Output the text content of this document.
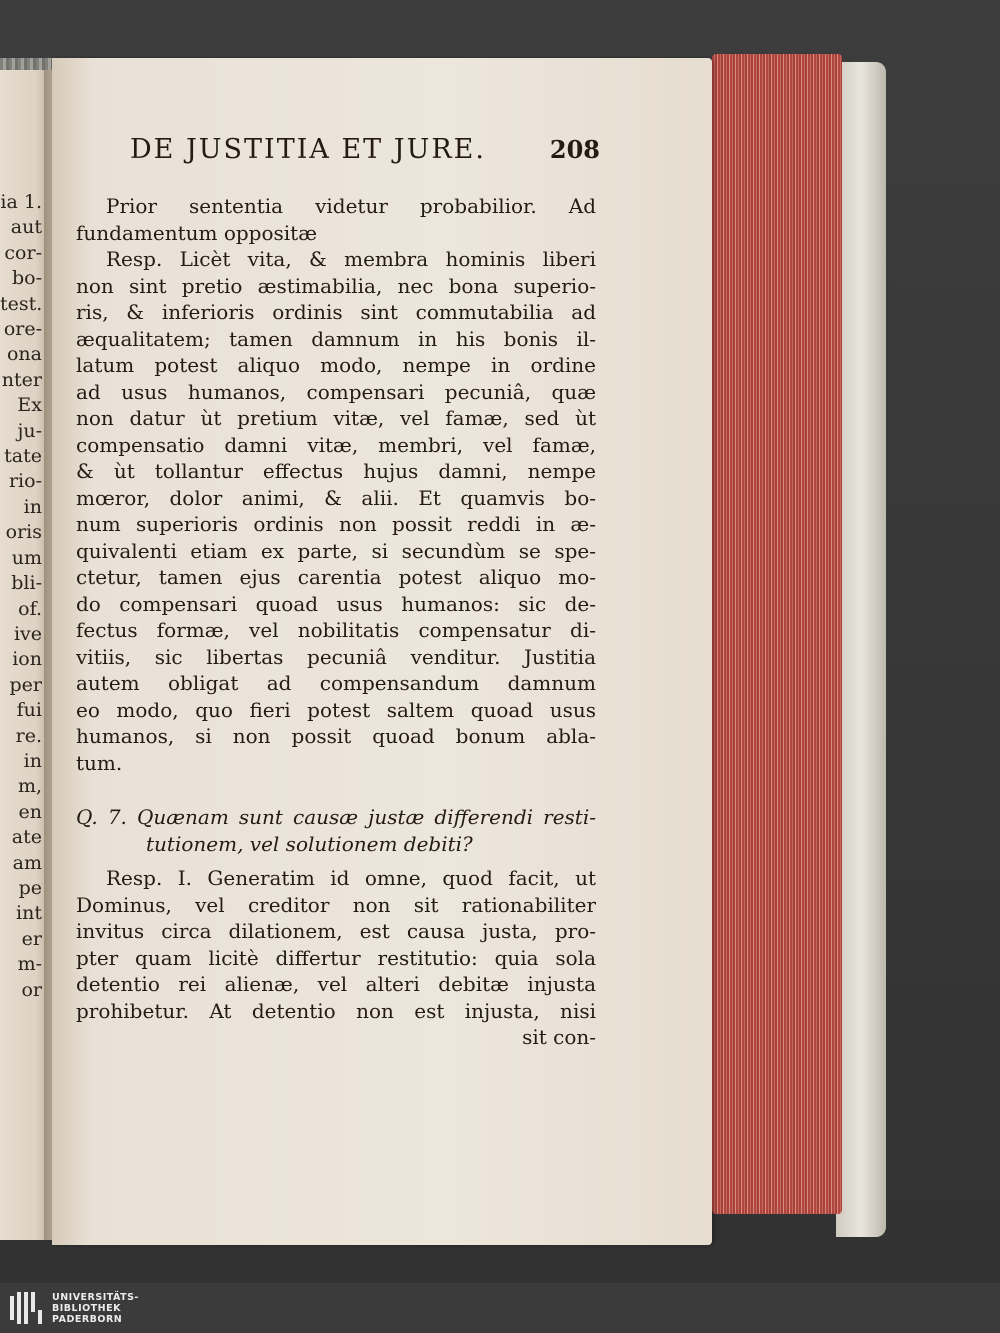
ia 1.
aut
cor-
bo-
test.
ore-
ona
nter
Ex
ju-
tate
rio-
in
oris
um
bli-
of.
ive
ion
per
fui
re.
in
m,
en
ate
am
pe
int
er
m-
or
DE JUSTITIA ET JURE.	208
Prior sententia videtur probabilior. Ad
fundamentum oppositæ
Resp. Licèt vita, & membra hominis liberi
non sint pretio æstimabilia, nec bona superio-
ris, & inferioris ordinis sint commutabilia ad
æqualitatem; tamen damnum in his bonis il-
latum potest aliquo modo, nempe in ordine
ad usus humanos, compensari pecuniâ, quæ
non datur ùt pretium vitæ, vel famæ, sed ùt
compensatio damni vitæ, membri, vel famæ,
& ùt tollantur effectus hujus damni, nempe
mœror, dolor animi, & alii. Et quamvis bo-
num superioris ordinis non possit reddi in æ-
quivalenti etiam ex parte, si secundùm se spe-
ctetur, tamen ejus carentia potest aliquo mo-
do compensari quoad usus humanos: sic de-
fectus formæ, vel nobilitatis compensatur di-
vitiis, sic libertas pecuniâ venditur. Justitia
autem obligat ad compensandum damnum
eo modo, quo fieri potest saltem quoad usus
humanos, si non possit quoad bonum abla-
tum.
Q. 7. Quænam sunt causæ justæ differendi resti-
tutionem, vel solutionem debiti?
Resp. I. Generatim id omne, quod facit, ut
Dominus, vel creditor non sit rationabiliter
invitus circa dilationem, est causa justa, pro-
pter quam licitè differtur restitutio: quia sola
detentio rei alienæ, vel alteri debitæ injusta
prohibetur. At detentio non est injusta, nisi
sit con-
UNIVERSITÄTS-
BIBLIOTHEK
PADERBORN
